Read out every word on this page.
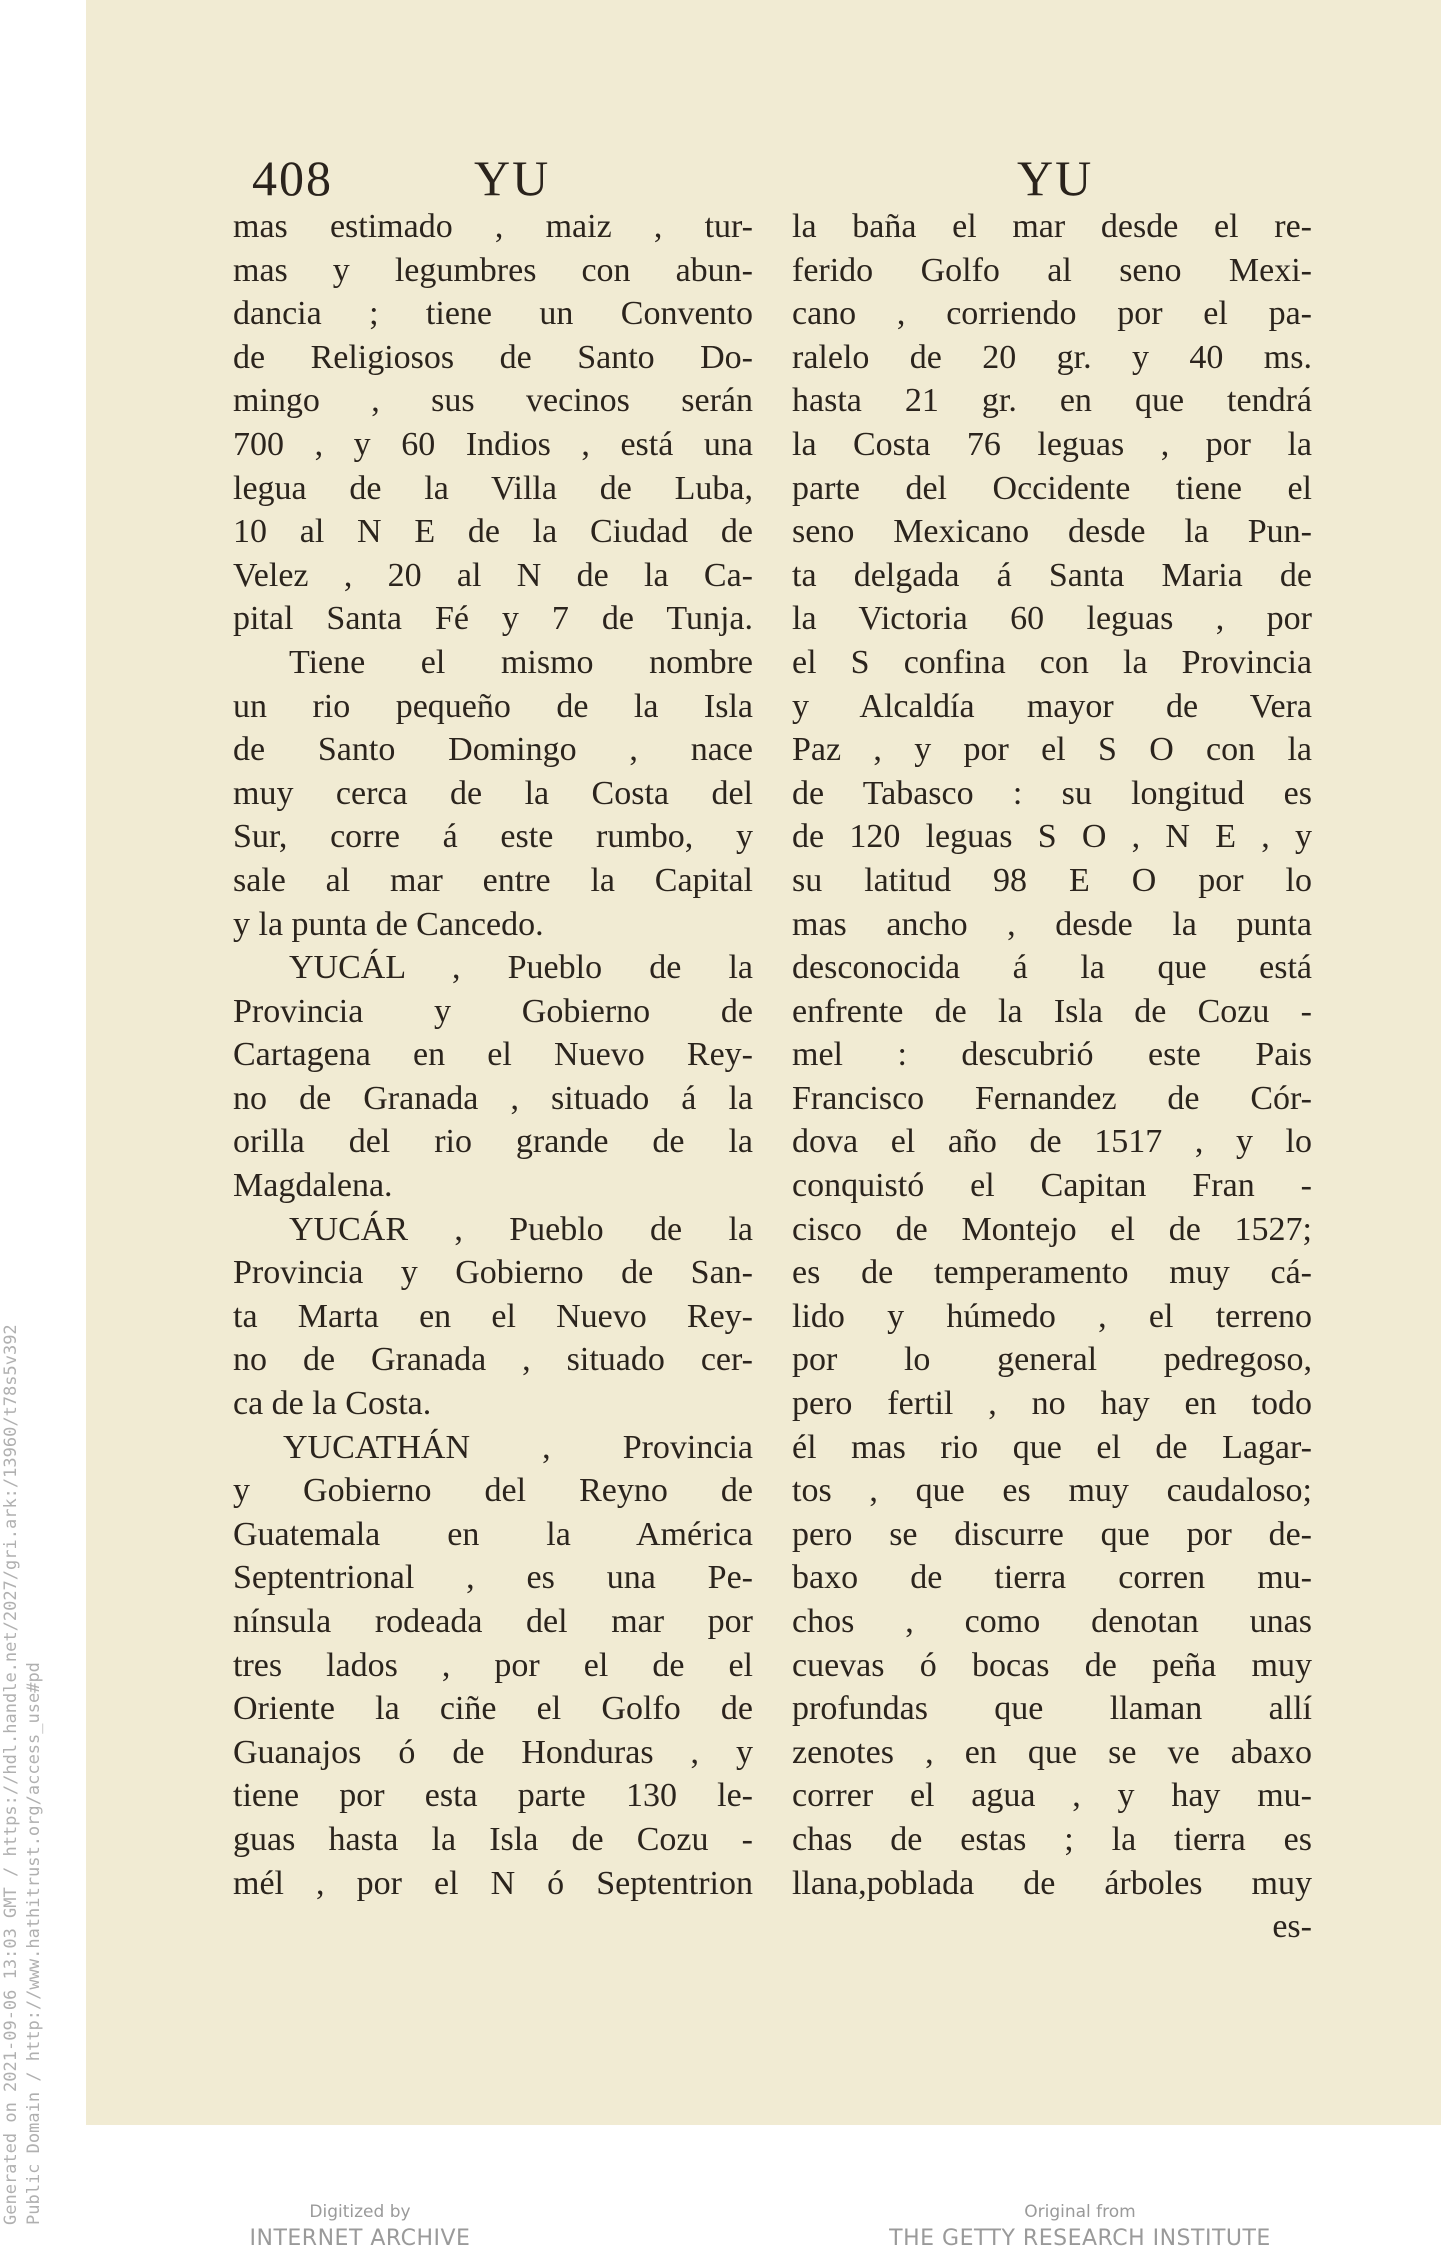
408	YU	YU
mas estimado , maiz , tur-
mas y legumbres con abun-
dancia ; tiene un Convento
de Religiosos de Santo Do-
mingo , sus vecinos serán
700 , y 60 Indios , está una
legua de la Villa de Luba,
10 al N E de la Ciudad de
Velez , 20 al N de la Ca-
pital Santa Fé y 7 de Tunja.
Tiene el mismo nombre
un rio pequeño de la Isla
de Santo Domingo , nace
muy cerca de la Costa del
Sur, corre á este rumbo, y
sale al mar entre la Capital
y la punta de Cancedo.
YUCÁL , Pueblo de la
Provincia y Gobierno de
Cartagena en el Nuevo Rey-
no de Granada , situado á la
orilla del rio grande de la
Magdalena.
YUCÁR , Pueblo de la
Provincia y Gobierno de San-
ta Marta en el Nuevo Rey-
no de Granada , situado cer-
ca de la Costa.
YUCATHÁN , Provincia
y Gobierno del Reyno de
Guatemala en la América
Septentrional , es una Pe-
nínsula rodeada del mar por
tres lados , por el de el
Oriente la ciñe el Golfo de
Guanajos ó de Honduras , y
tiene por esta parte 130 le-
guas hasta la Isla de Cozu -
mél , por el N ó Septentrion
la baña el mar desde el re-
ferido Golfo al seno Mexi-
cano , corriendo por el pa-
ralelo de 20 gr. y 40 ms.
hasta 21 gr. en que tendrá
la Costa 76 leguas , por la
parte del Occidente tiene el
seno Mexicano desde la Pun-
ta delgada á Santa Maria de
la Victoria 60 leguas , por
el S confina con la Provincia
y Alcaldía mayor de Vera
Paz , y por el S O con la
de Tabasco : su longitud es
de 120 leguas S O , N E , y
su latitud 98 E O por lo
mas ancho , desde la punta
desconocida á la que está
enfrente de la Isla de Cozu -
mel : descubrió este Pais
Francisco Fernandez de Cór-
dova el año de 1517 , y lo
conquistó el Capitan Fran -
cisco de Montejo el de 1527;
es de temperamento muy cá-
lido y húmedo , el terreno
por lo general pedregoso,
pero fertil , no hay en todo
él mas rio que el de Lagar-
tos , que es muy caudaloso;
pero se discurre que por de-
baxo de tierra corren mu-
chos , como denotan unas
cuevas ó bocas de peña muy
profundas que llaman allí
zenotes , en que se ve abaxo
correr el agua , y hay mu-
chas de estas ; la tierra es
llana,poblada de árboles muy
es-
Generated on 2021-09-06 13:03 GMT / https://hdl.handle.net/2027/gri.ark:/13960/t78s5v392 Public Domain / http://www.hathitrust.org/access_use#pd	Digitized by
INTERNET ARCHIVE
Original from
THE GETTY RESEARCH INSTITUTE
